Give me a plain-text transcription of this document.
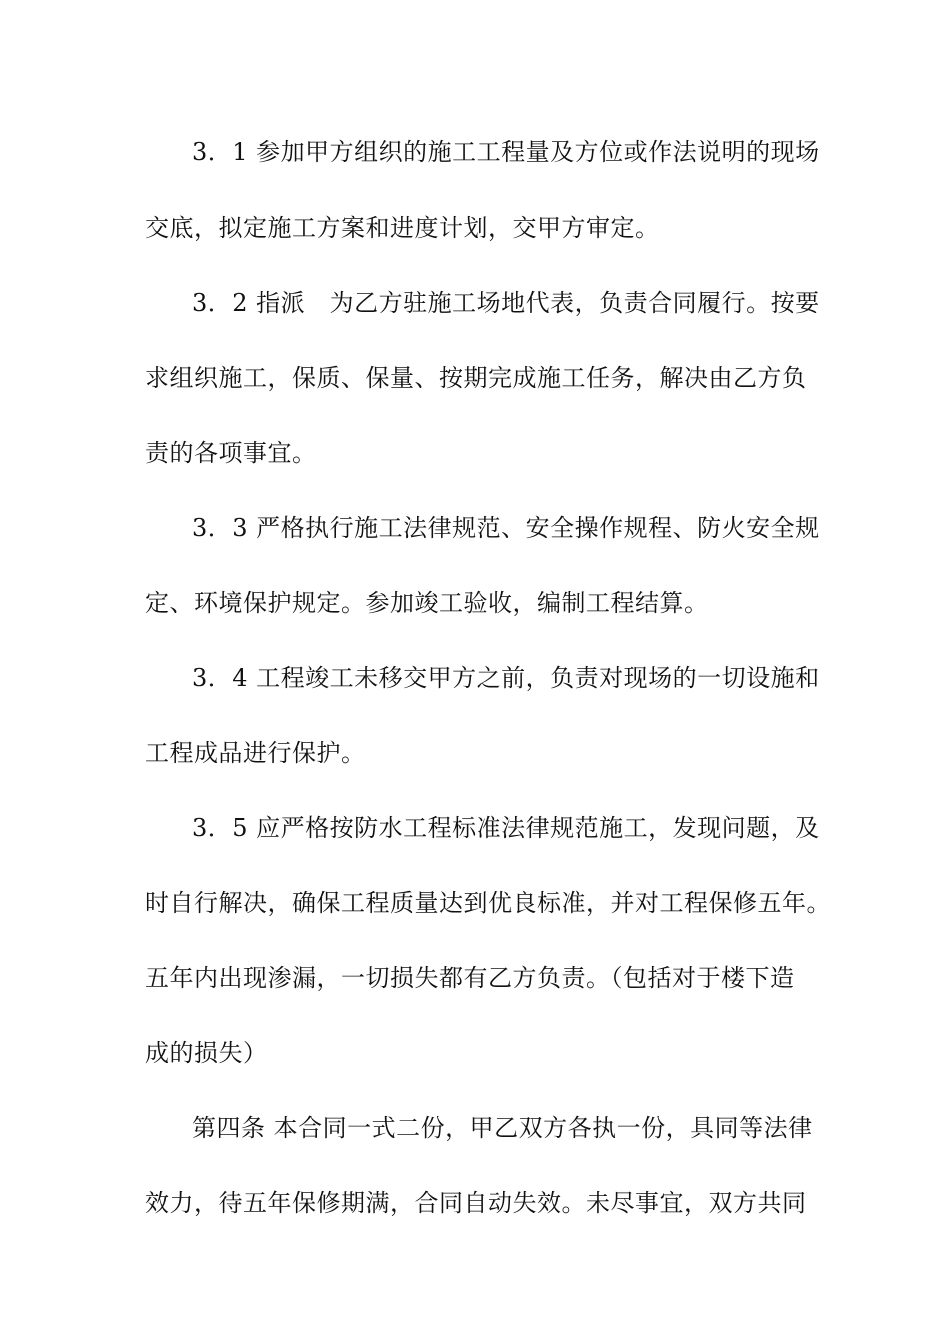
3．1 参加甲方组织的施工工程量及方位或作法说明的现场
交底，拟定施工方案和进度计划，交甲方审定。
3．2 指派　为乙方驻施工场地代表，负责合同履行。按要
求组织施工，保质、保量、按期完成施工任务，解决由乙方负
责的各项事宜。
3．3 严格执行施工法律规范、安全操作规程、防火安全规
定、环境保护规定。参加竣工验收，编制工程结算。
3．4 工程竣工未移交甲方之前，负责对现场的一切设施和
工程成品进行保护。
3．5 应严格按防水工程标准法律规范施工，发现问题，及
时自行解决，确保工程质量达到优良标准，并对工程保修五年。
五年内出现渗漏，一切损失都有乙方负责。（包括对于楼下造
成的损失）
第四条 本合同一式二份，甲乙双方各执一份，具同等法律
效力，待五年保修期满，合同自动失效。未尽事宜，双方共同
